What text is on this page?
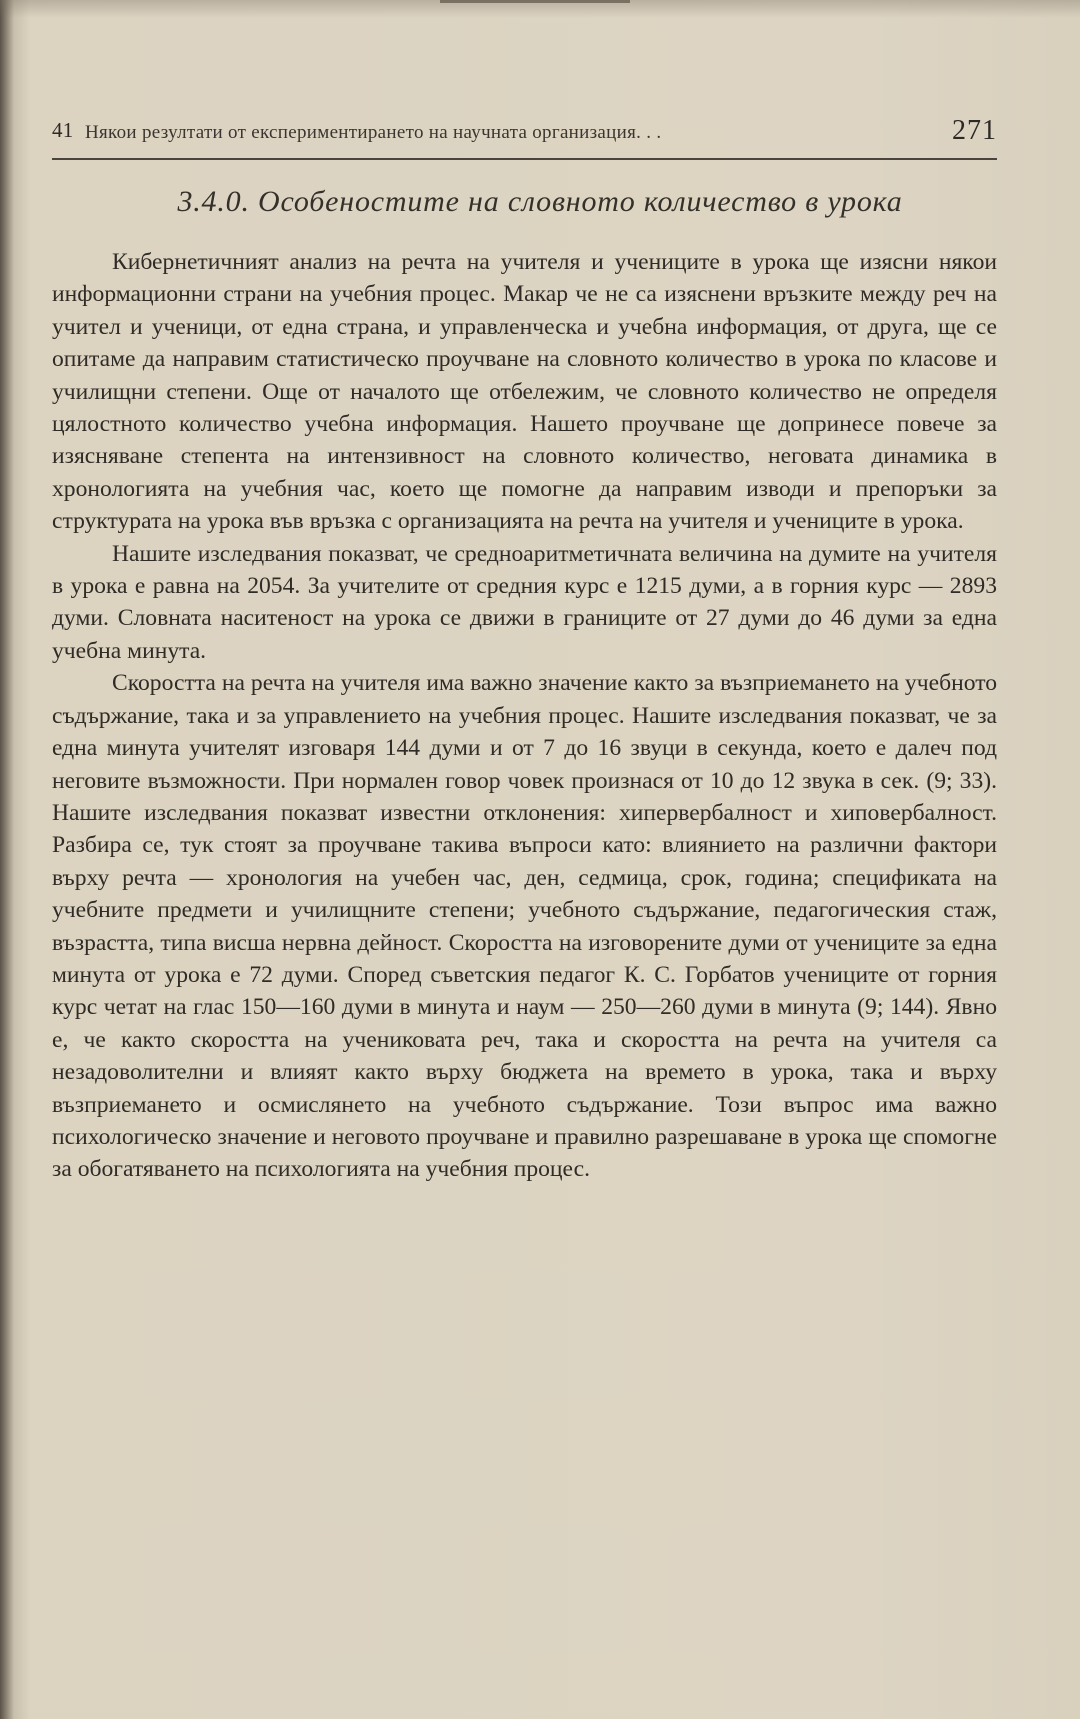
41 Някои резултати от експериментирането на научната организация. . .	271
3.4.0. Особеностите на словното количество в урока

Кибернетичният анализ на речта на учителя и учениците в урока ще изясни някои информационни страни на учебния процес. Макар че не са изяснени връзките между реч на учител и ученици, от една страна, и управленческа и учебна информация, от друга, ще се опитаме да направим статистическо проучване на словното количество в урока по класове и училищни степени. Още от началото ще отбележим, че словното количество не определя цялостното количество учебна информация. Нашето проучване ще допринесе повече за изясняване степента на интензивност на словното количество, неговата динамика в хронологията на учебния час, което ще помогне да направим изводи и препоръки за структурата на урока във връзка с организацията на речта на учителя и учениците в урока.

Нашите изследвания показват, че средноаритметичната величина на думите на учителя в урока е равна на 2054. За учителите от средния курс е 1215 думи, а в горния курс — 2893 думи. Словната наситеност на урока се движи в границите от 27 думи до 46 думи за една учебна минута.

Скоростта на речта на учителя има важно значение както за възприемането на учебното съдържание, така и за управлението на учебния процес. Нашите изследвания показват, че за една минута учителят изговаря 144 думи и от 7 до 16 звуци в секунда, което е далеч под неговите възможности. При нормален говор човек произнася от 10 до 12 звука в сек. (9; 33). Нашите изследвания показват известни отклонения: хипервербалност и хиповербалност. Разбира се, тук стоят за проучване такива въпроси като: влиянието на различни фактори върху речта — хронология на учебен час, ден, седмица, срок, година; спецификата на учебните предмети и училищните степени; учебното съдържание, педагогическия стаж, възрастта, типа висша нервна дейност. Скоростта на изговорените думи от учениците за една минута от урока е 72 думи. Според съветския педагог К. С. Горбатов учениците от горния курс четат на глас 150—160 думи в минута и наум — 250—260 думи в минута (9; 144). Явно е, че както скоростта на учениковата реч, така и скоростта на речта на учителя са незадоволителни и влияят както върху бюджета на времето в урока, така и върху възприемането и осмислянето на учебното съдържание. Този въпрос има важно психологическо значение и неговото проучване и правилно разрешаване в урока ще спомогне за обогатяването на психологията на учебния процес.
